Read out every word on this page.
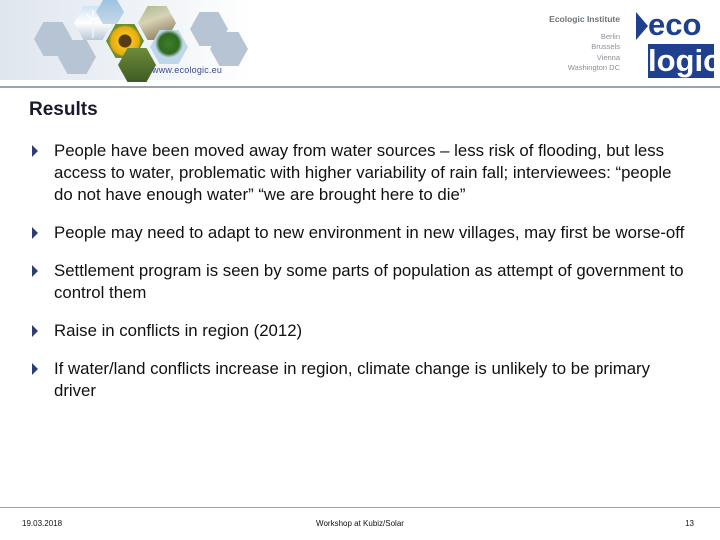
www.ecologic.eu
Ecologic Institute
Berlin
Brussels
Vienna
Washington DC
eco
logic
Results
People have been moved away from water sources – less risk of flooding, but less access to water, problematic with higher variability of rain fall; interviewees: “people do not have enough water” “we are brought here to die”
People may need to adapt to new environment in new villages, may first be worse-off
Settlement program is seen by some parts of population as attempt of government to control them
Raise in conflicts in region (2012)
If water/land conflicts increase in region, climate change is unlikely to be primary driver
19.03.2018	Workshop at Kubiz/Solar	13
